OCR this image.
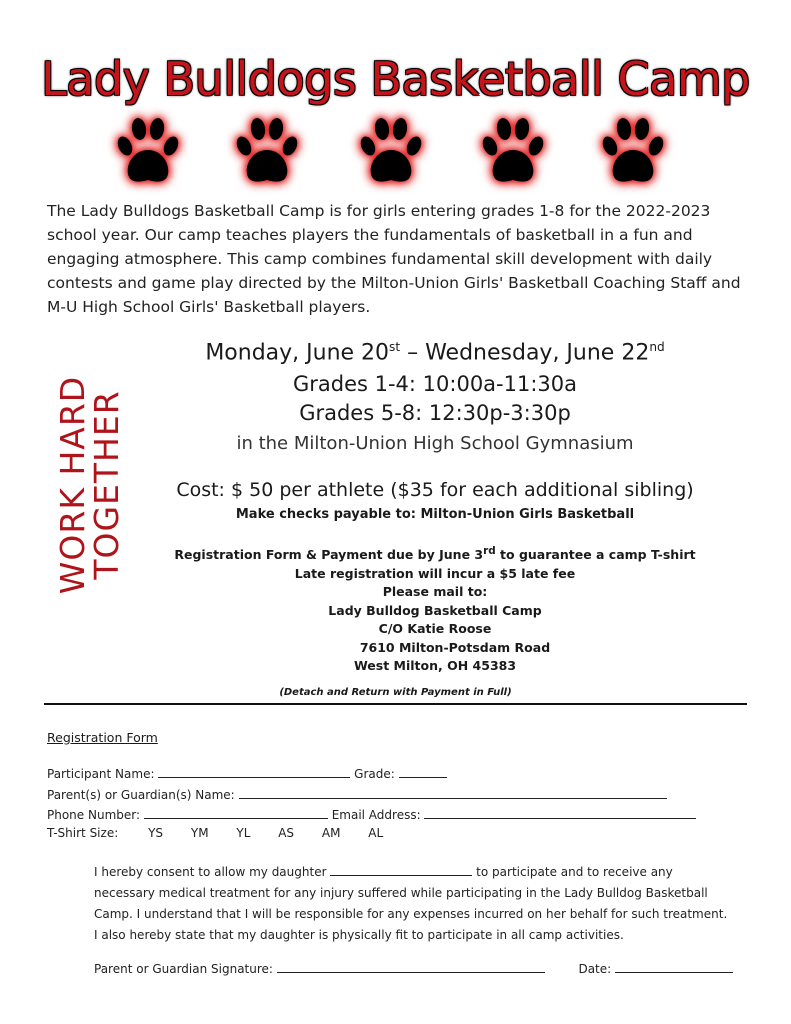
Lady Bulldogs Basketball Camp
The Lady Bulldogs Basketball Camp is for girls entering grades 1-8 for the 2022-2023 school year. Our camp teaches players the fundamentals of basketball in a fun and engaging atmosphere. This camp combines fundamental skill development with daily contests and game play directed by the Milton-Union Girls' Basketball Coaching Staff and M-U High School Girls' Basketball players.
WORK HARD
TOGETHER
Monday, June 20st – Wednesday, June 22nd
Grades 1-4: 10:00a-11:30a
Grades 5-8: 12:30p-3:30p
in the Milton-Union High School Gymnasium
Cost: $ 50 per athlete ($35 for each additional sibling)
Make checks payable to: Milton-Union Girls Basketball
Registration Form & Payment due by June 3rd to guarantee a camp T-shirt
Late registration will incur a $5 late fee
Please mail to:
Lady Bulldog Basketball Camp
C/O Katie Roose
7610 Milton-Potsdam Road
West Milton, OH 45383
(Detach and Return with Payment in Full)
Registration Form
Participant Name:	Grade:
Parent(s) or Guardian(s) Name:
Phone Number:	Email Address:
T-Shirt Size: YS YM YL AS AM AL
I hereby consent to allow my daughter	to participate and to receive any necessary medical treatment for any injury suffered while participating in the Lady Bulldog Basketball Camp. I understand that I will be responsible for any expenses incurred on her behalf for such treatment. I also hereby state that my daughter is physically fit to participate in all camp activities.
Parent or Guardian Signature:	Date:
